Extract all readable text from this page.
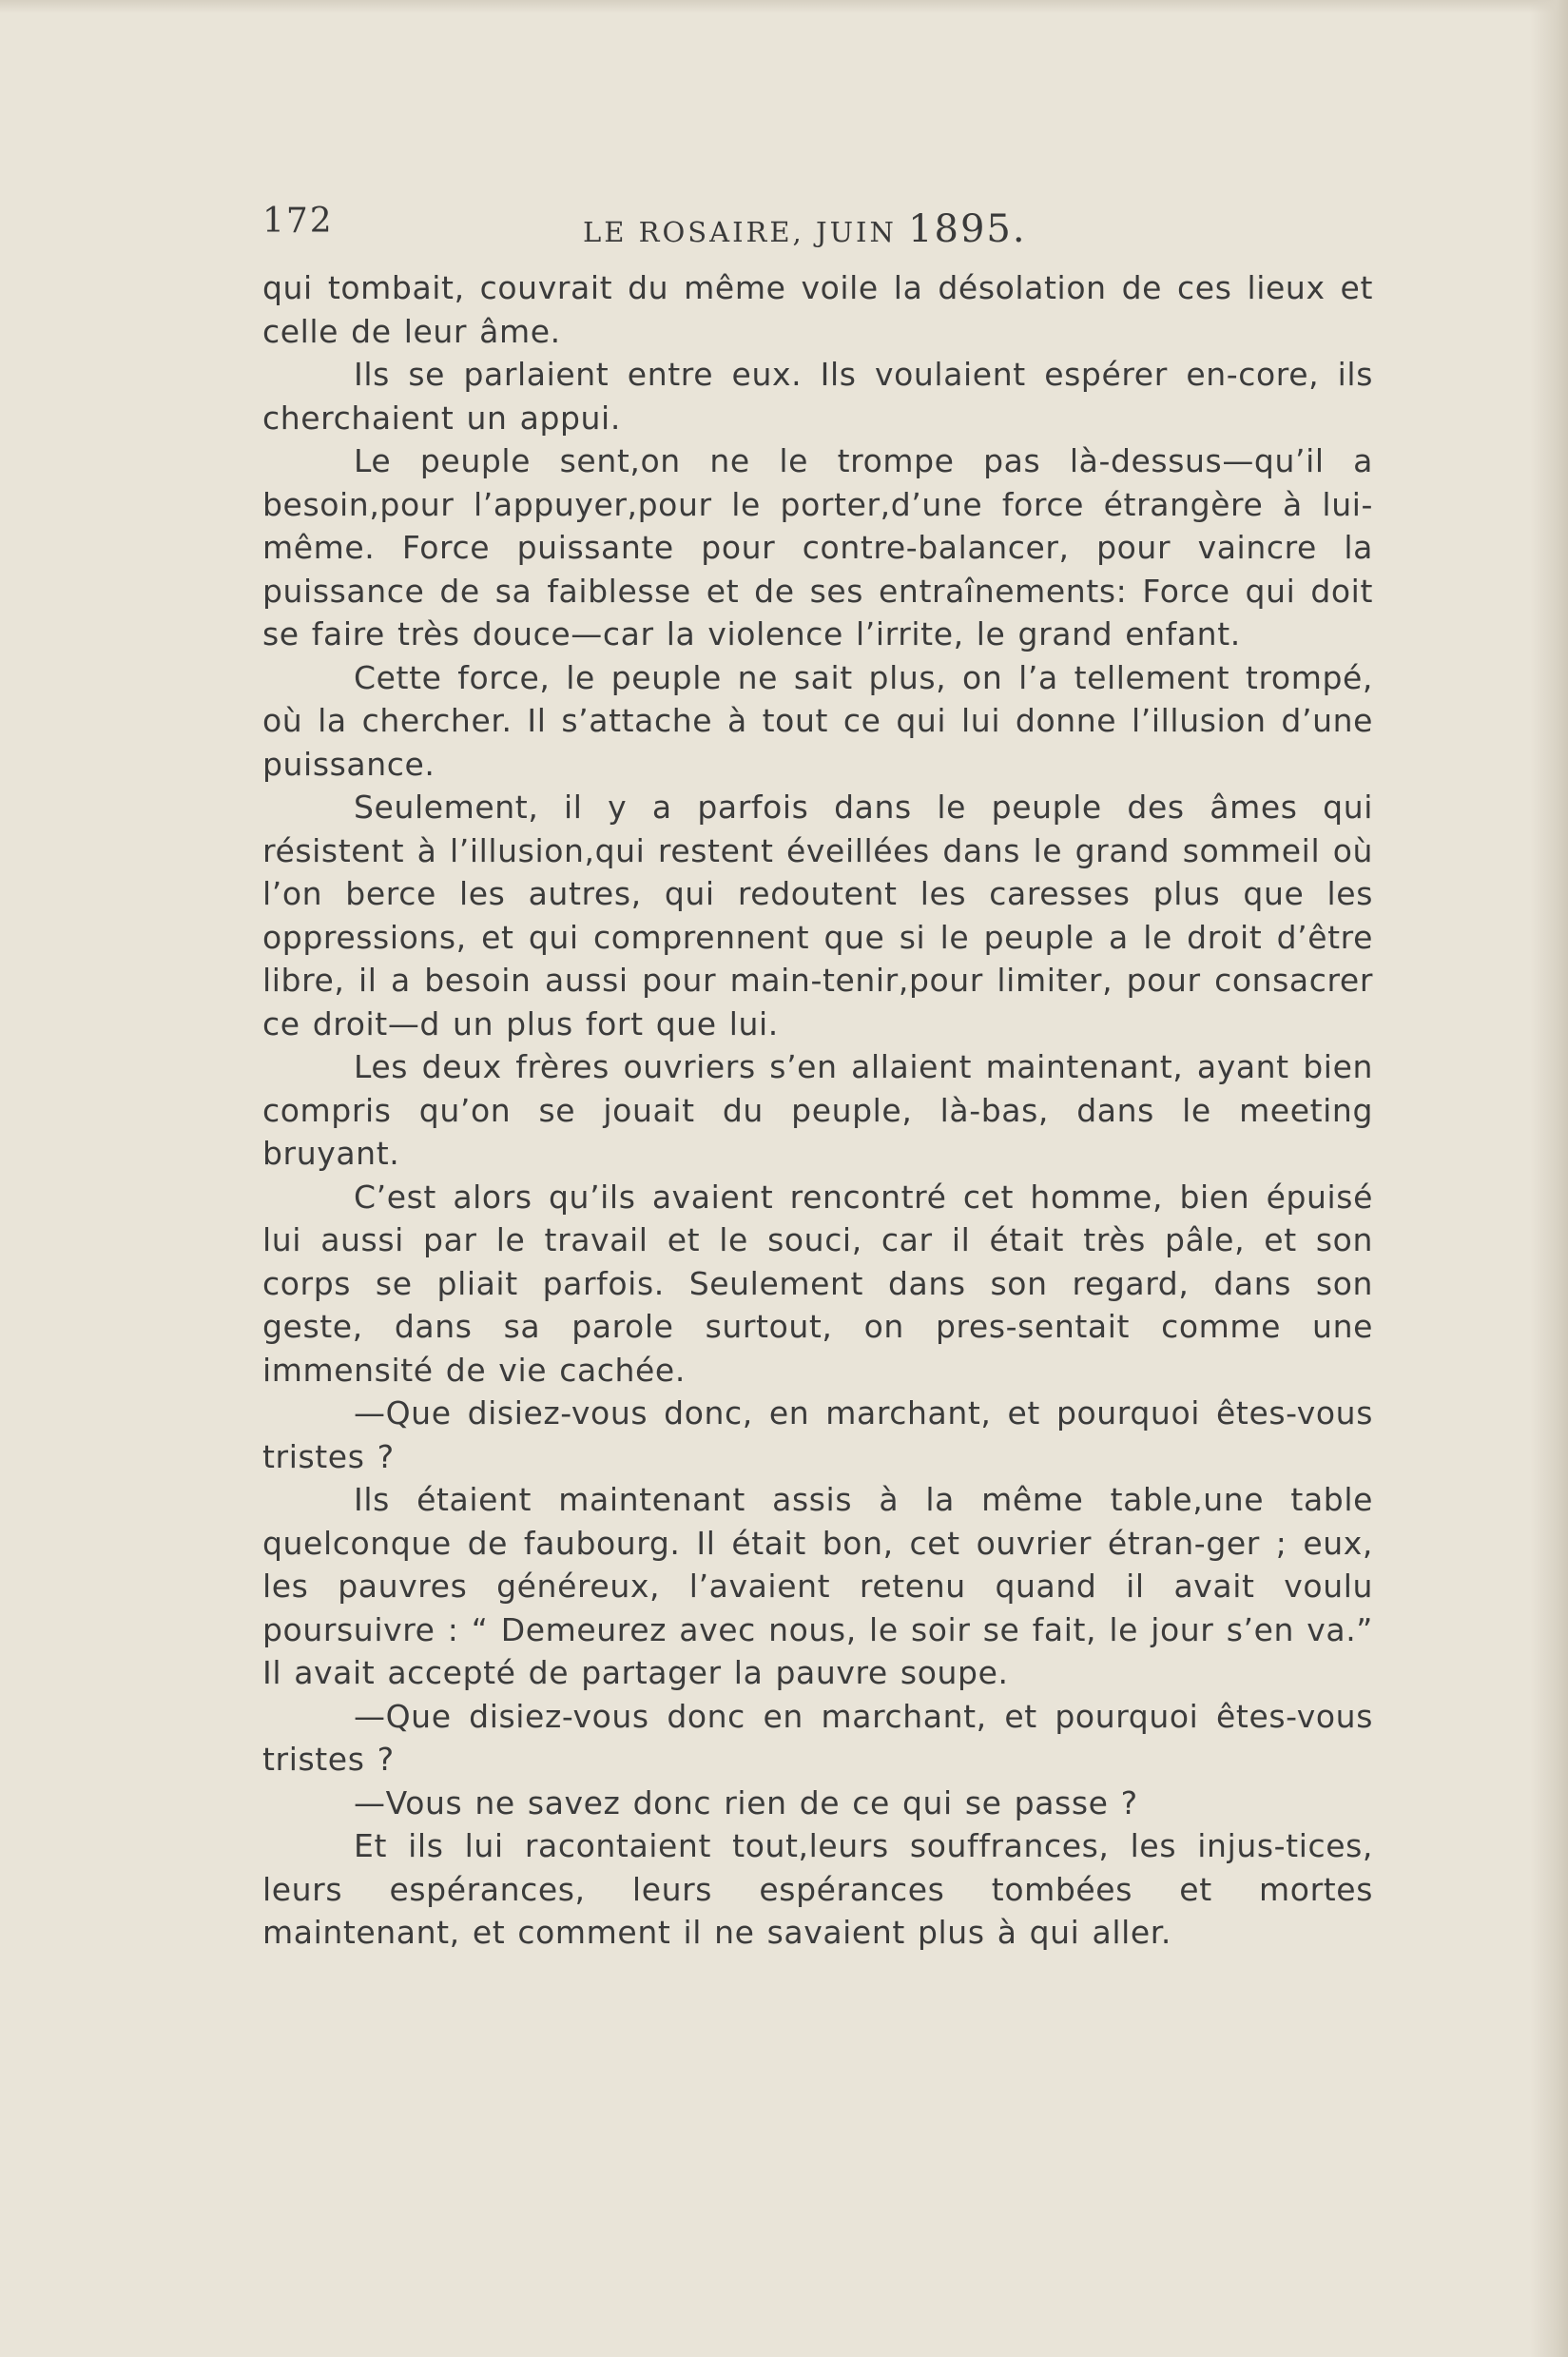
172	LE ROSAIRE, JUIN 1895.

qui tombait, couvrait du même voile la désolation de ces lieux et celle de leur âme.

Ils se parlaient entre eux. Ils voulaient espérer en-core, ils cherchaient un appui.

Le peuple sent,on ne le trompe pas là-dessus—qu’il a besoin,pour l’appuyer,pour le porter,d’une force étrangère à lui-même. Force puissante pour contre-balancer, pour vaincre la puissance de sa faiblesse et de ses entraînements: Force qui doit se faire très douce—car la violence l’irrite, le grand enfant.

Cette force, le peuple ne sait plus, on l’a tellement trompé, où la chercher. Il s’attache à tout ce qui lui donne l’illusion d’une puissance.

Seulement, il y a parfois dans le peuple des âmes qui résistent à l’illusion,qui restent éveillées dans le grand sommeil où l’on berce les autres, qui redoutent les caresses plus que les oppressions, et qui comprennent que si le peuple a le droit d’être libre, il a besoin aussi pour main-tenir,pour limiter, pour consacrer ce droit—d un plus fort que lui.

Les deux frères ouvriers s’en allaient maintenant, ayant bien compris qu’on se jouait du peuple, là-bas, dans le meeting bruyant.

C’est alors qu’ils avaient rencontré cet homme, bien épuisé lui aussi par le travail et le souci, car il était très pâle, et son corps se pliait parfois. Seulement dans son regard, dans son geste, dans sa parole surtout, on pres-sentait comme une immensité de vie cachée.

—Que disiez-vous donc, en marchant, et pourquoi êtes-vous tristes ?

Ils étaient maintenant assis à la même table,une table quelconque de faubourg. Il était bon, cet ouvrier étran-ger ; eux, les pauvres généreux, l’avaient retenu quand il avait voulu poursuivre : “ Demeurez avec nous, le soir se fait, le jour s’en va.” Il avait accepté de partager la pauvre soupe.

—Que disiez-vous donc en marchant, et pourquoi êtes-vous tristes ?

—Vous ne savez donc rien de ce qui se passe ?

Et ils lui racontaient tout,leurs souffrances, les injus-tices, leurs espérances, leurs espérances tombées et mortes maintenant, et comment il ne savaient plus à qui aller.
